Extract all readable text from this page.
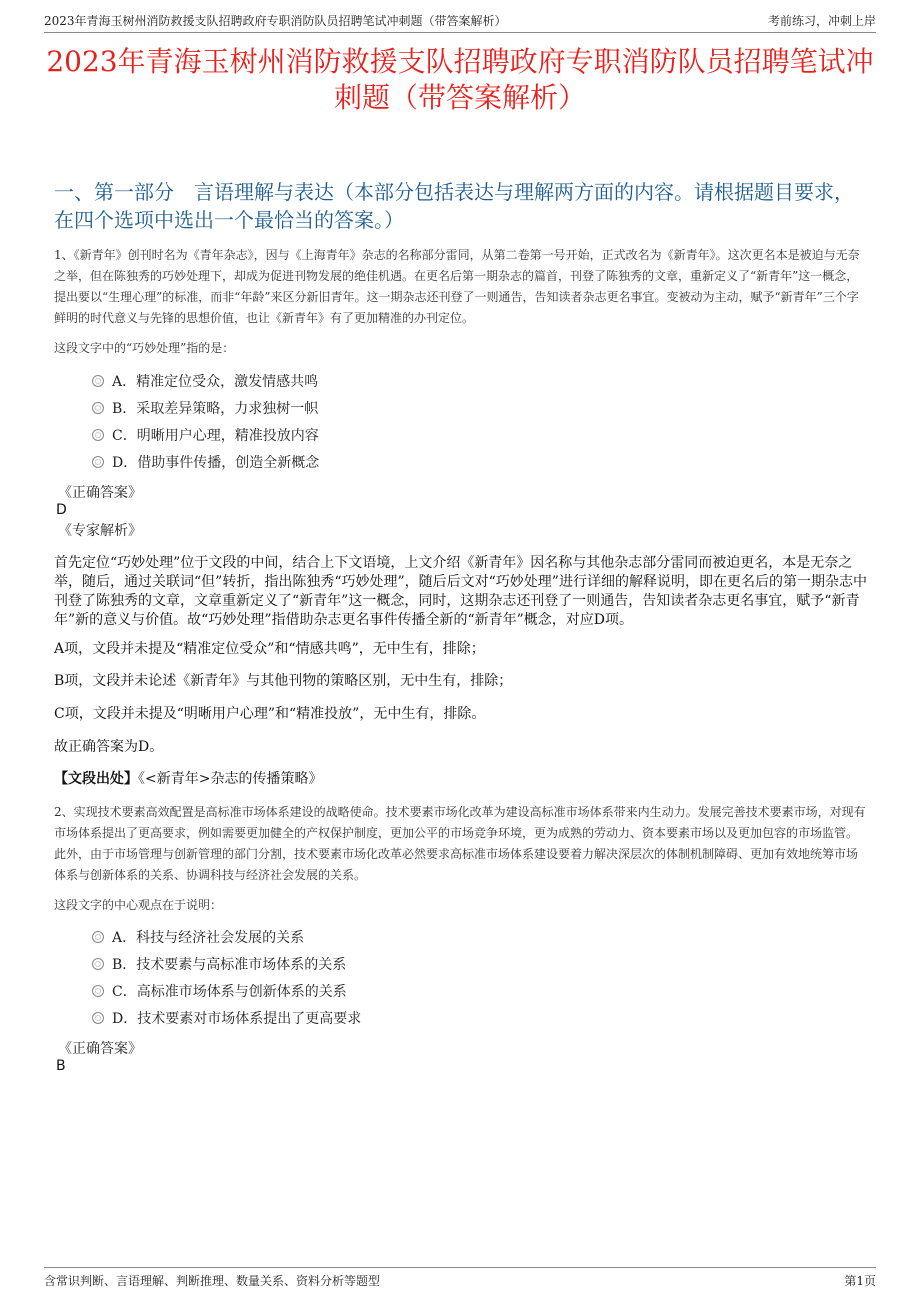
2023年青海玉树州消防救援支队招聘政府专职消防队员招聘笔试冲刺题（带答案解析）	考前练习，冲刺上岸
2023年青海玉树州消防救援支队招聘政府专职消防队员招聘笔试冲刺题（带答案解析）
一、第一部分　言语理解与表达（本部分包括表达与理解两方面的内容。请根据题目要求，在四个选项中选出一个最恰当的答案。）
1、《新青年》创刊时名为《青年杂志》，因与《上海青年》杂志的名称部分雷同，从第二卷第一号开始，正式改名为《新青年》。这次更名本是被迫与无奈之举，但在陈独秀的巧妙处理下，却成为促进刊物发展的绝佳机遇。在更名后第一期杂志的篇首，刊登了陈独秀的文章，重新定义了“新青年”这一概念，提出要以“生理心理”的标准，而非“年龄”来区分新旧青年。这一期杂志还刊登了一则通告，告知读者杂志更名事宜。变被动为主动，赋予“新青年”三个字鲜明的时代意义与先锋的思想价值，也让《新青年》有了更加精准的办刊定位。
这段文字中的“巧妙处理”指的是：
A．精准定位受众，激发情感共鸣
B．采取差异策略，力求独树一帜
C．明晰用户心理，精准投放内容
D．借助事件传播，创造全新概念
《正确答案》
D
《专家解析》
首先定位“巧妙处理”位于文段的中间，结合上下文语境，上文介绍《新青年》因名称与其他杂志部分雷同而被迫更名，本是无奈之举，随后，通过关联词“但”转折，指出陈独秀“巧妙处理”，随后后文对“巧妙处理”进行详细的解释说明，即在更名后的第一期杂志中刊登了陈独秀的文章，文章重新定义了“新青年”这一概念，同时，这期杂志还刊登了一则通告，告知读者杂志更名事宜，赋予“新青年”新的意义与价值。故“巧妙处理”指借助杂志更名事件传播全新的“新青年”概念，对应D项。
A项，文段并未提及“精准定位受众”和“情感共鸣”，无中生有，排除；
B项，文段并未论述《新青年》与其他刊物的策略区别，无中生有，排除；
C项，文段并未提及“明晰用户心理”和“精准投放”，无中生有，排除。
故正确答案为D。
【文段出处】《<新青年>杂志的传播策略》
2、实现技术要素高效配置是高标准市场体系建设的战略使命。技术要素市场化改革为建设高标准市场体系带来内生动力。发展完善技术要素市场，对现有市场体系提出了更高要求，例如需要更加健全的产权保护制度，更加公平的市场竞争环境，更为成熟的劳动力、资本要素市场以及更加包容的市场监管。此外，由于市场管理与创新管理的部门分割，技术要素市场化改革必然要求高标准市场体系建设要着力解决深层次的体制机制障碍、更加有效地统筹市场体系与创新体系的关系、协调科技与经济社会发展的关系。
这段文字的中心观点在于说明：
A．科技与经济社会发展的关系
B．技术要素与高标准市场体系的关系
C．高标准市场体系与创新体系的关系
D．技术要素对市场体系提出了更高要求
《正确答案》
B
含常识判断、言语理解、判断推理、数量关系、资料分析等题型	第1页
